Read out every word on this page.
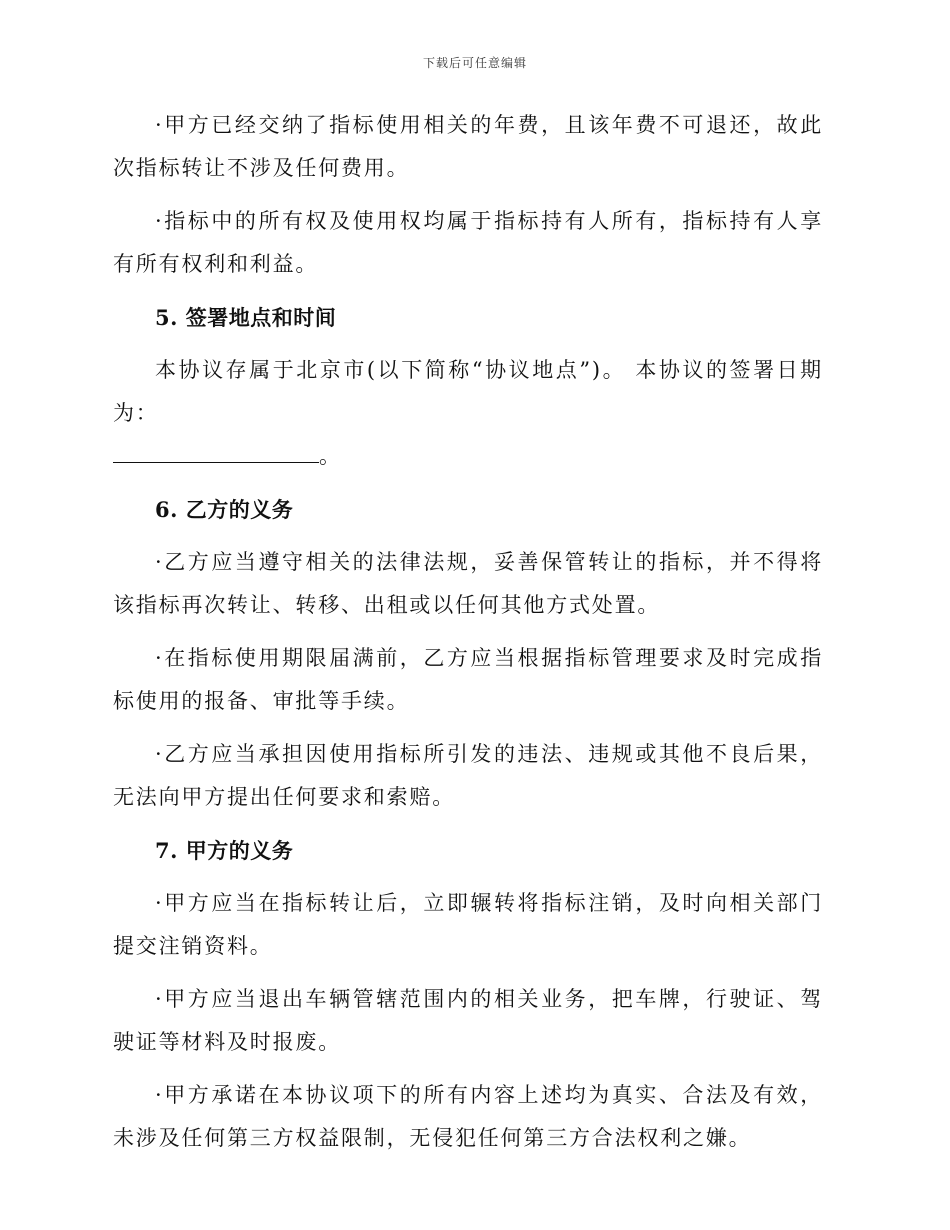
下载后可任意编辑

·甲方已经交纳了指标使用相关的年费，且该年费不可退还，故此次指标转让不涉及任何费用。

·指标中的所有权及使用权均属于指标持有人所有，指标持有人享有所有权利和利益。

5. 签署地点和时间

本协议存属于北京市(以下简称“协议地点”)。 本协议的签署日期为：

。
6. 乙方的义务

·乙方应当遵守相关的法律法规，妥善保管转让的指标，并不得将该指标再次转让、转移、出租或以任何其他方式处置。

·在指标使用期限届满前，乙方应当根据指标管理要求及时完成指标使用的报备、审批等手续。

·乙方应当承担因使用指标所引发的违法、违规或其他不良后果，无法向甲方提出任何要求和索赔。

7. 甲方的义务

·甲方应当在指标转让后，立即辗转将指标注销，及时向相关部门提交注销资料。

·甲方应当退出车辆管辖范围内的相关业务，把车牌，行驶证、驾驶证等材料及时报废。

·甲方承诺在本协议项下的所有内容上述均为真实、合法及有效，未涉及任何第三方权益限制，无侵犯任何第三方合法权利之嫌。
